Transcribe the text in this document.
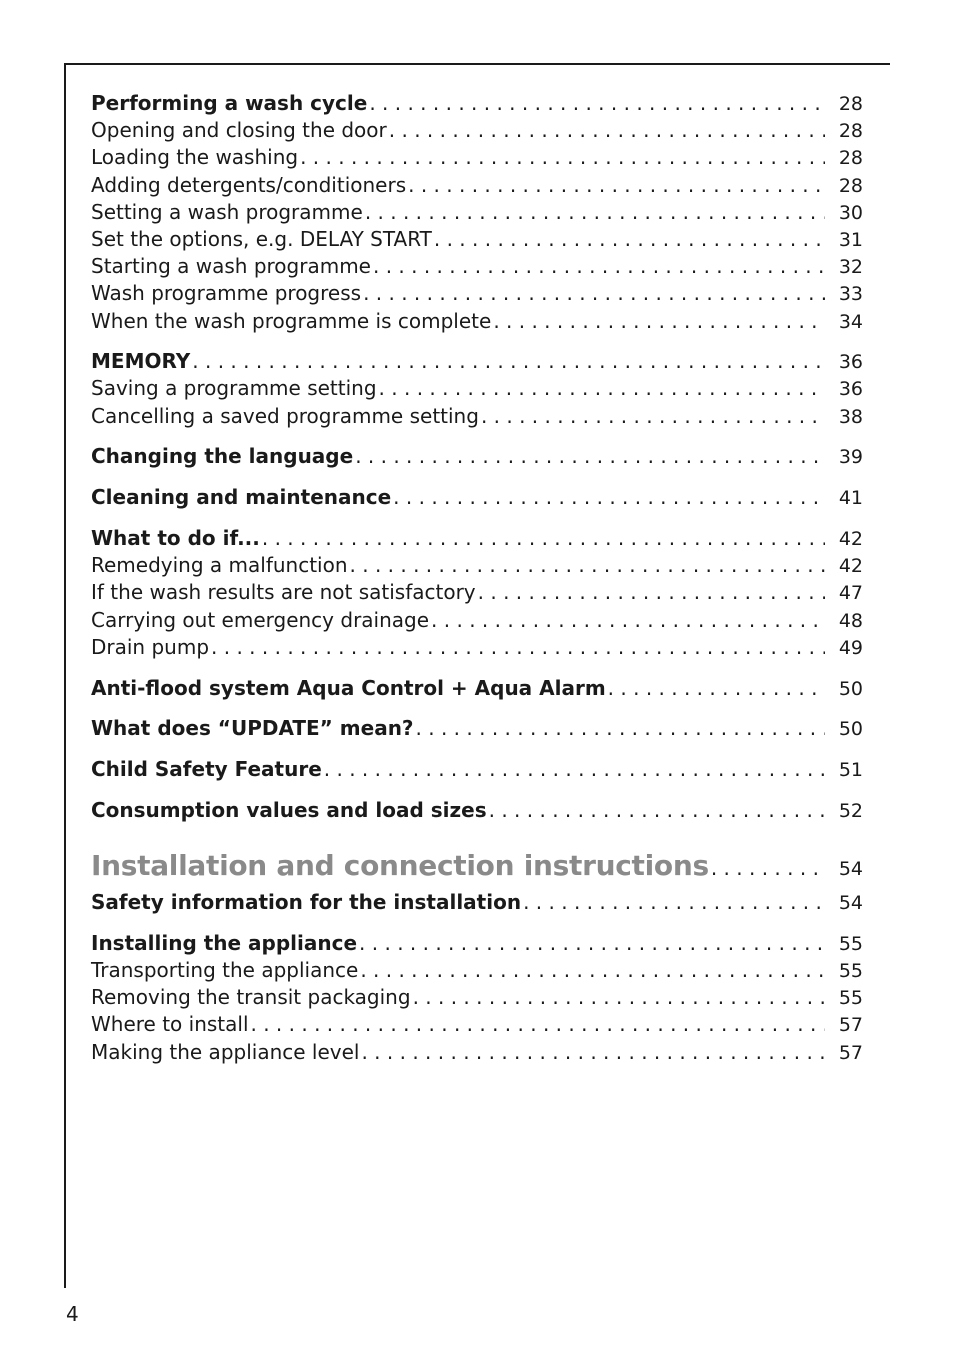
Performing a wash cycle . . .	28
Opening and closing the door . . .	28
Loading the washing . . .	28
Adding detergents/conditioners . . .	28
Setting a wash programme . . .	30
Set the options, e.g. DELAY START . . .	31
Starting a wash programme . . .	32
Wash programme progress . . .	33
When the wash programme is complete . . .	34
MEMORY . . .	36
Saving a programme setting . . .	36
Cancelling a saved programme setting . . .	38
Changing the language . . .	39
Cleaning and maintenance . . .	41
What to do if... . . .	42
Remedying a malfunction . . .	42
If the wash results are not satisfactory . . .	47
Carrying out emergency drainage . . .	48
Drain pump . . .	49
Anti-flood system Aqua Control + Aqua Alarm . . .	50
What does “UPDATE” mean? . . .	50
Child Safety Feature . . .	51
Consumption values and load sizes . . .	52
Installation and connection instructions . . .	54
Safety information for the installation . . .	54
Installing the appliance . . .	55
Transporting the appliance . . .	55
Removing the transit packaging . . .	55
Where to install . . .	57
Making the appliance level . . .	57
4
